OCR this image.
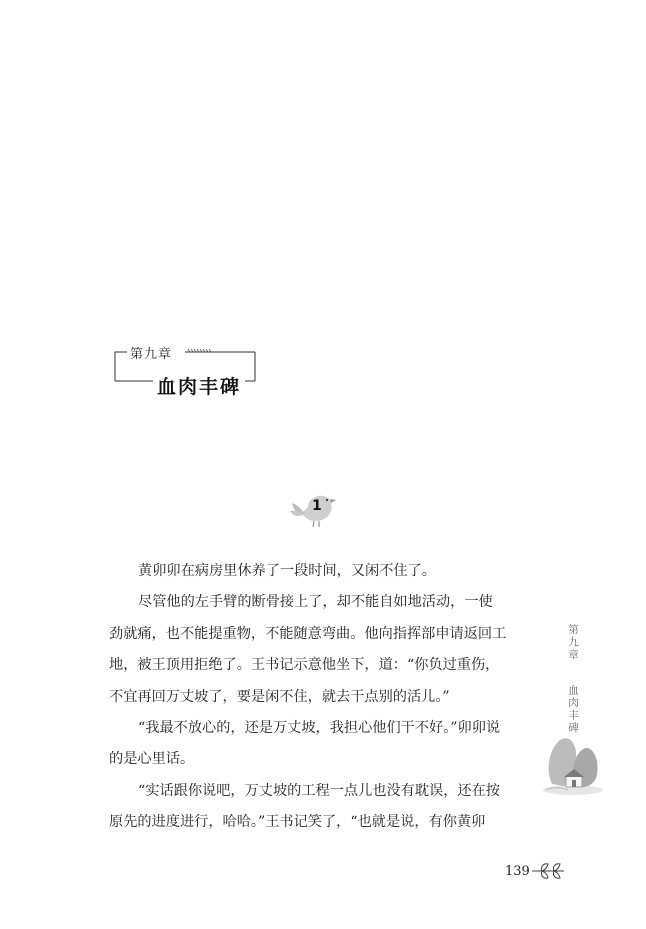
第九章
血肉丰碑
1

黄卯卯在病房里休养了一段时间，又闲不住了。

尽管他的左手臂的断骨接上了，却不能自如地活动，一使
劲就痛，也不能提重物，不能随意弯曲。他向指挥部申请返回工
地，被王顶用拒绝了。王书记示意他坐下，道：“你负过重伤，
不宜再回万丈坡了，要是闲不住，就去干点别的活儿。”

“我最不放心的，还是万丈坡，我担心他们干不好。”卯卯说
的是心里话。

“实话跟你说吧，万丈坡的工程一点儿也没有耽误，还在按
原先的进度进行，哈哈。”王书记笑了，“也就是说，有你黄卯

第九章  血肉丰碑
139
